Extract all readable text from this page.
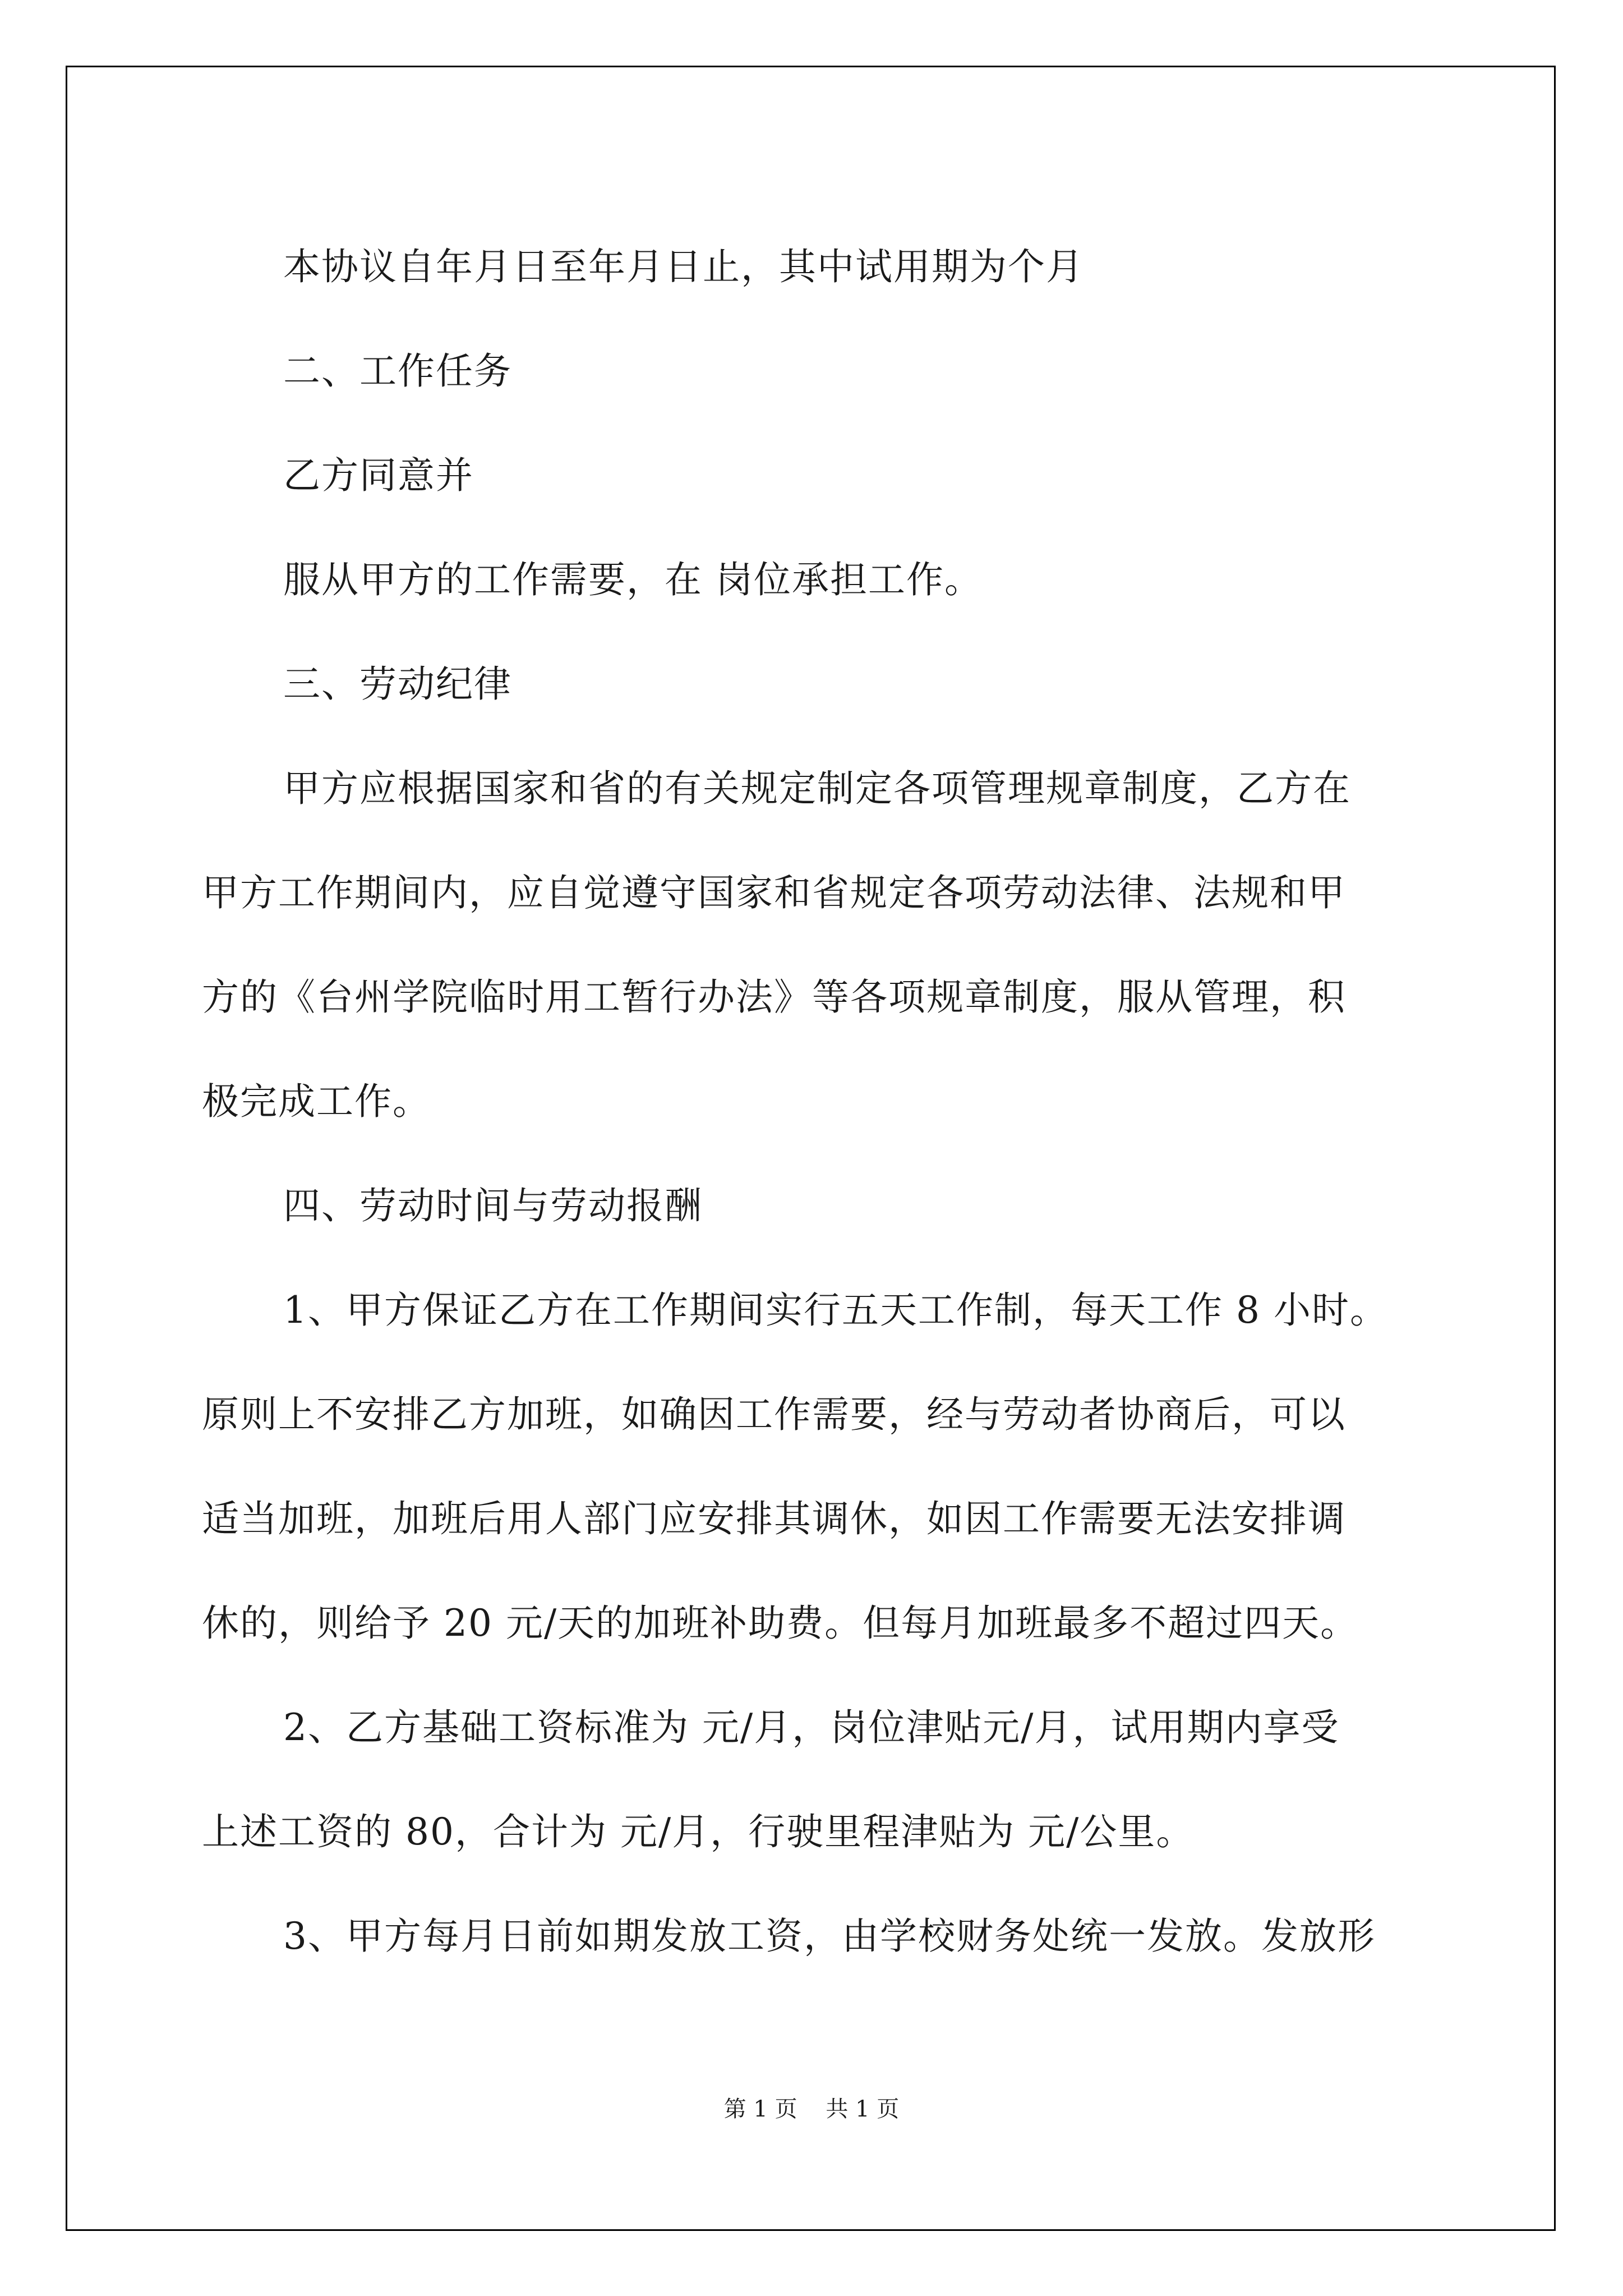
本协议自年月日至年月日止，其中试用期为个月

二、工作任务

乙方同意并

服从甲方的工作需要，在 岗位承担工作。

三、劳动纪律

甲方应根据国家和省的有关规定制定各项管理规章制度，乙方在
甲方工作期间内，应自觉遵守国家和省规定各项劳动法律、法规和甲
方的《台州学院临时用工暂行办法》等各项规章制度，服从管理，积
极完成工作。

四、劳动时间与劳动报酬

1、甲方保证乙方在工作期间实行五天工作制，每天工作 8 小时。
原则上不安排乙方加班，如确因工作需要，经与劳动者协商后，可以
适当加班，加班后用人部门应安排其调休，如因工作需要无法安排调
休的，则给予 20 元/天的加班补助费。但每月加班最多不超过四天。

2、乙方基础工资标准为 元/月，岗位津贴元/月，试用期内享受
上述工资的 80，合计为 元/月，行驶里程津贴为 元/公里。

3、甲方每月日前如期发放工资，由学校财务处统一发放。发放形

第 1 页    共 1 页
